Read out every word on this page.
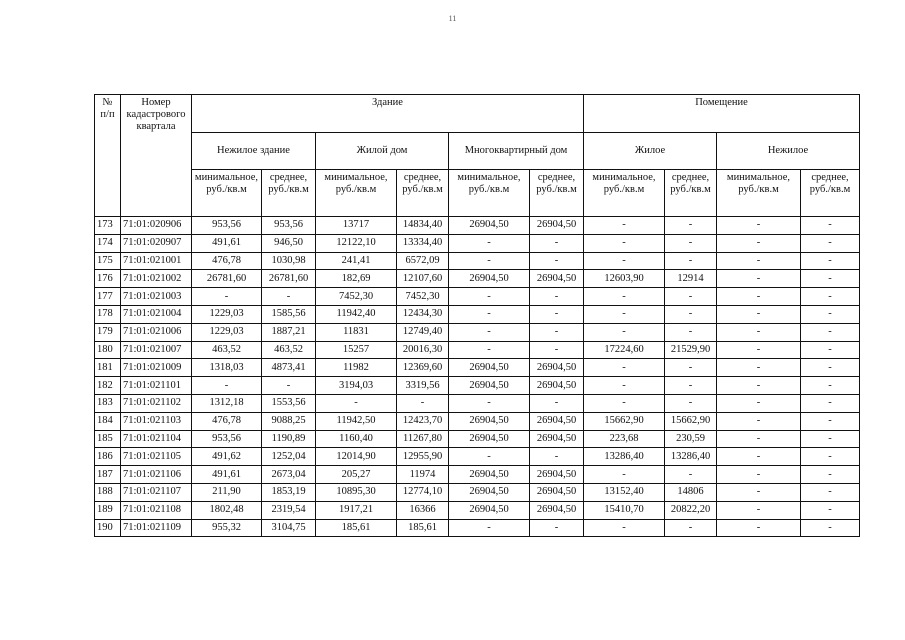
11
№ п/п	Номер кадастрового квартала	Здание						Помещение			
		Нежилое здание		Жилой дом		Многоквартирный дом		Жилое		Нежилое	
		минимальное, руб./кв.м	среднее, руб./кв.м	минимальное, руб./кв.м	среднее, руб./кв.м	минимальное, руб./кв.м	среднее, руб./кв.м	минимальное, руб./кв.м	среднее, руб./кв.м	минимальное, руб./кв.м	среднее, руб./кв.м
173	71:01:020906	953,56	953,56	13717	14834,40	26904,50	26904,50	-	-	-	-
174	71:01:020907	491,61	946,50	12122,10	13334,40	-	-	-	-	-	-
175	71:01:021001	476,78	1030,98	241,41	6572,09	-	-	-	-	-	-
176	71:01:021002	26781,60	26781,60	182,69	12107,60	26904,50	26904,50	12603,90	12914	-	-
177	71:01:021003	-	-	7452,30	7452,30	-	-	-	-	-	-
178	71:01:021004	1229,03	1585,56	11942,40	12434,30	-	-	-	-	-	-
179	71:01:021006	1229,03	1887,21	11831	12749,40	-	-	-	-	-	-
180	71:01:021007	463,52	463,52	15257	20016,30	-	-	17224,60	21529,90	-	-
181	71:01:021009	1318,03	4873,41	11982	12369,60	26904,50	26904,50	-	-	-	-
182	71:01:021101	-	-	3194,03	3319,56	26904,50	26904,50	-	-	-	-
183	71:01:021102	1312,18	1553,56	-	-	-	-	-	-	-	-
184	71:01:021103	476,78	9088,25	11942,50	12423,70	26904,50	26904,50	15662,90	15662,90	-	-
185	71:01:021104	953,56	1190,89	1160,40	11267,80	26904,50	26904,50	223,68	230,59	-	-
186	71:01:021105	491,62	1252,04	12014,90	12955,90	-	-	13286,40	13286,40	-	-
187	71:01:021106	491,61	2673,04	205,27	11974	26904,50	26904,50	-	-	-	-
188	71:01:021107	211,90	1853,19	10895,30	12774,10	26904,50	26904,50	13152,40	14806	-	-
189	71:01:021108	1802,48	2319,54	1917,21	16366	26904,50	26904,50	15410,70	20822,20	-	-
190	71:01:021109	955,32	3104,75	185,61	185,61	-	-	-	-	-	-
